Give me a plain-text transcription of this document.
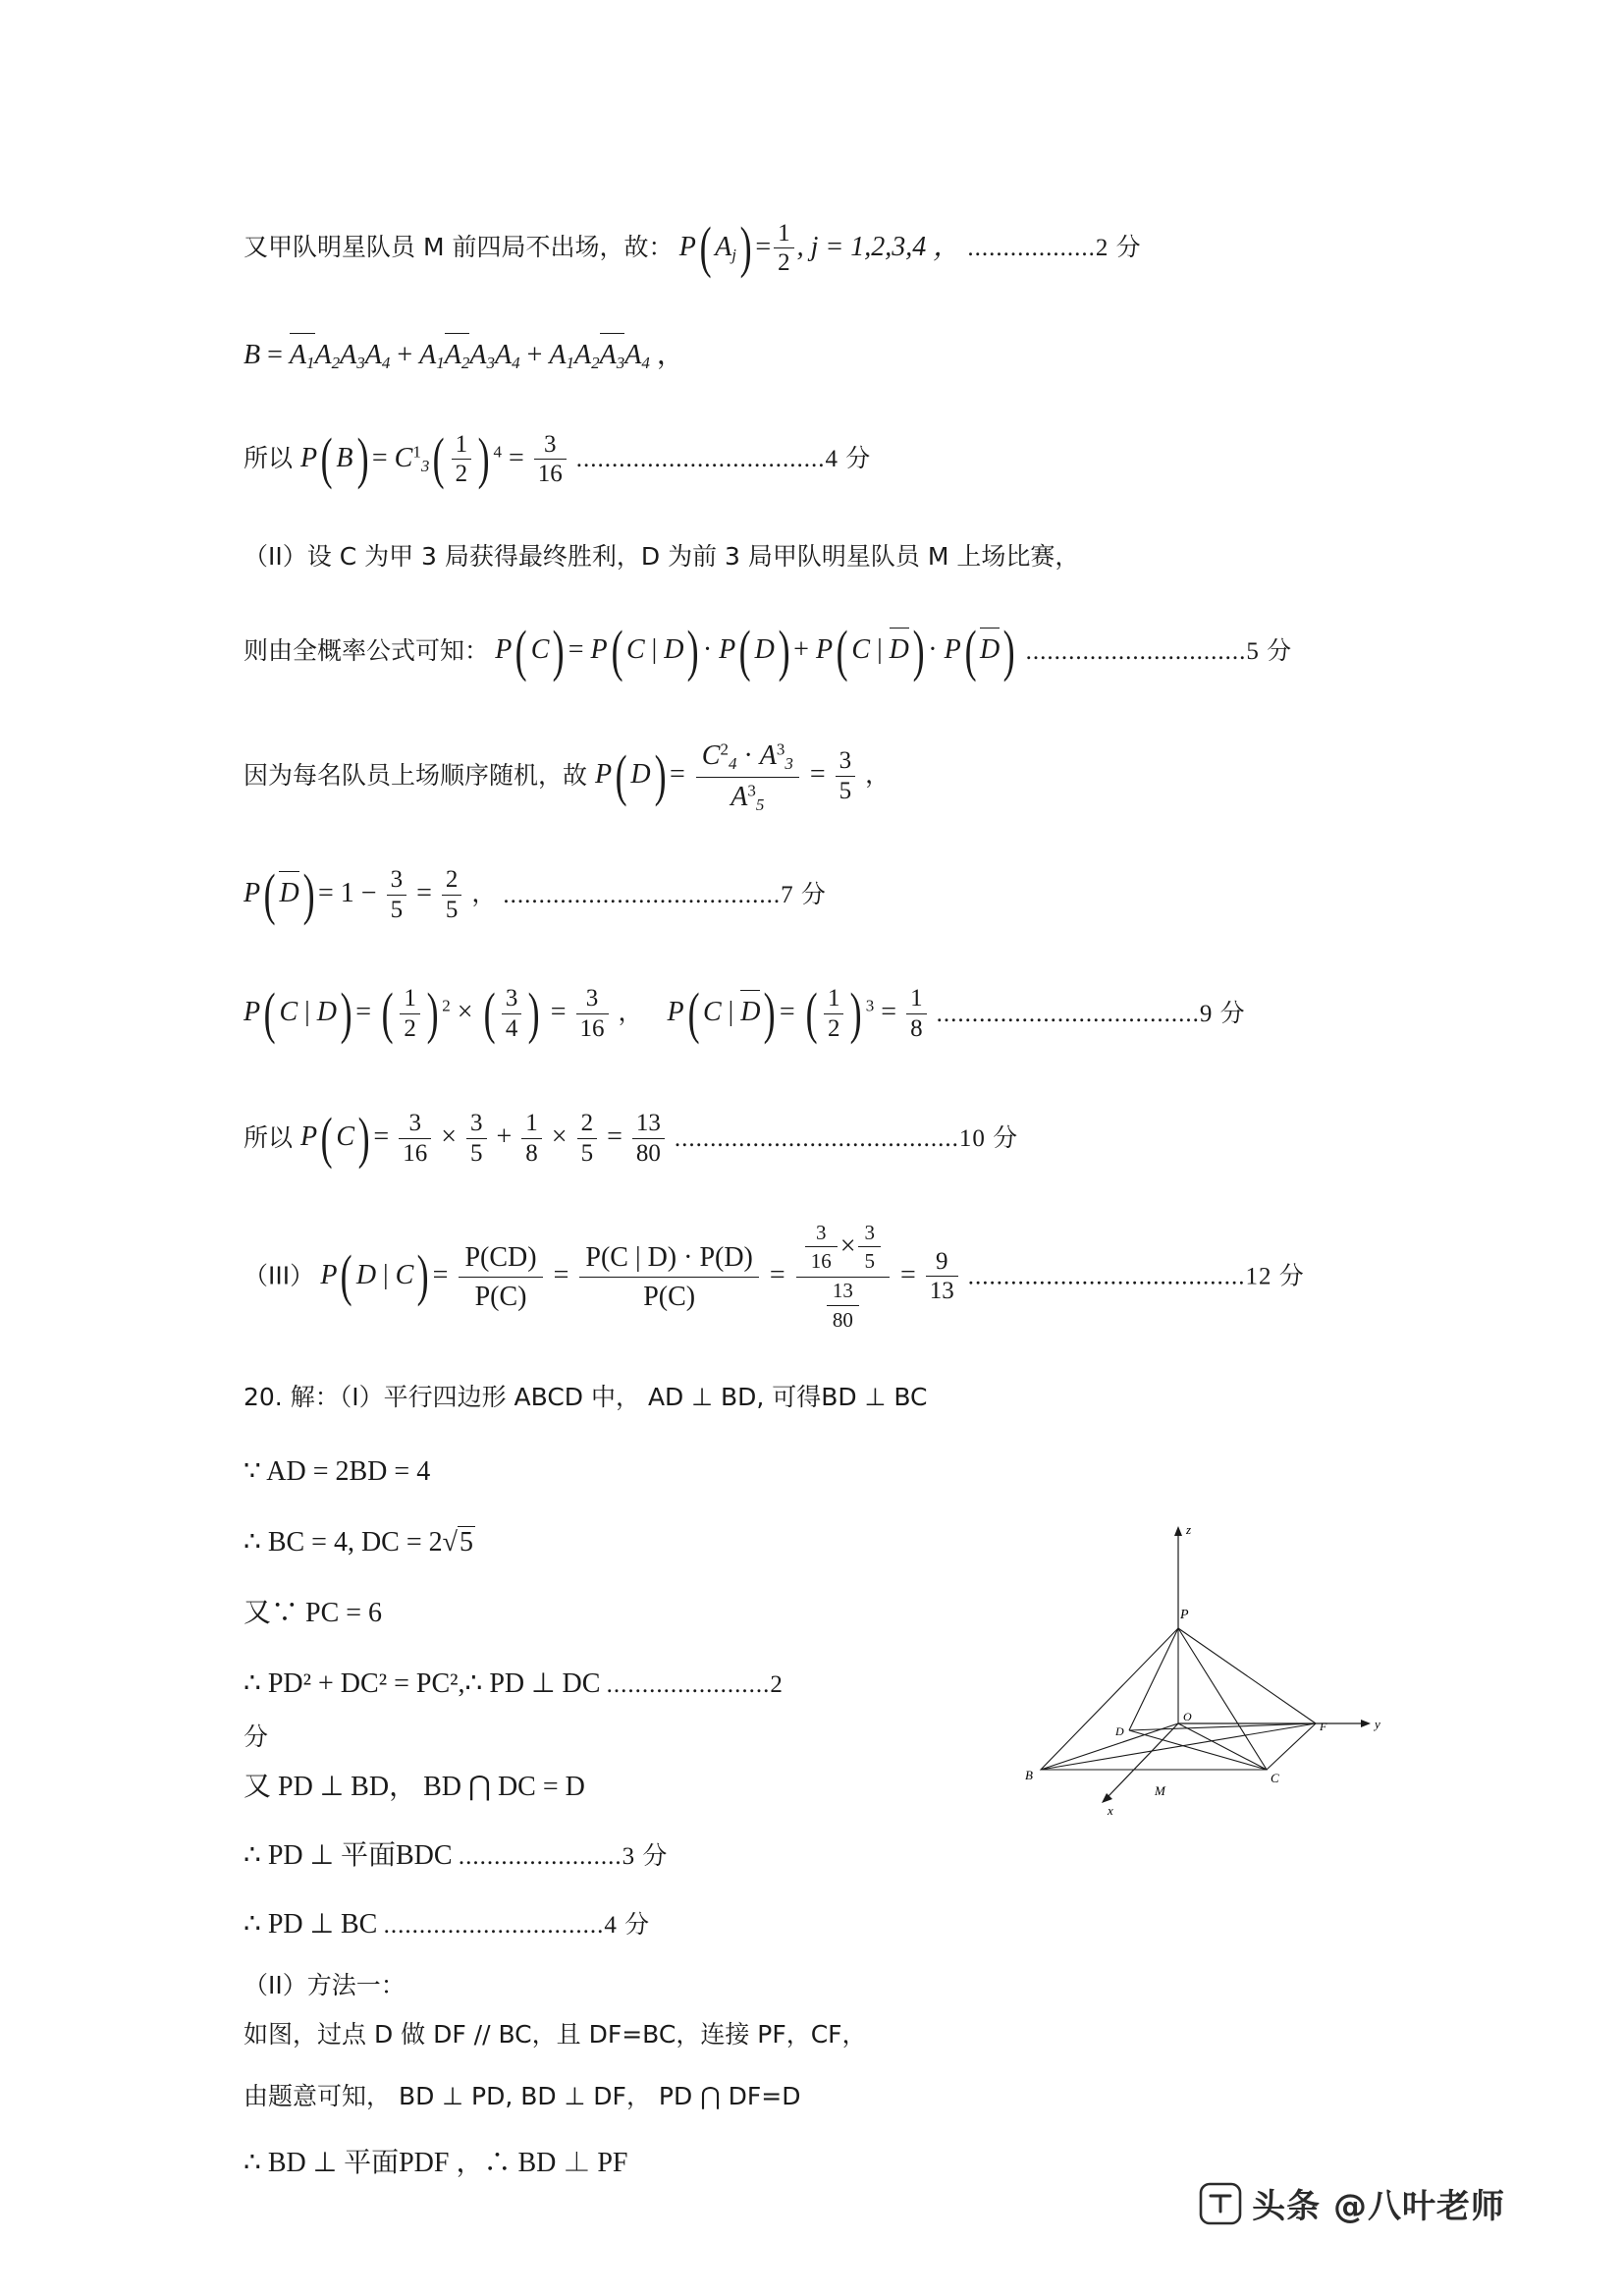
又甲队明星队员 M 前四局不出场，故： P( $A_j) = \frac{1}{2}$ , j = 1,2,3,4 ， ..................2 分
$B = A_1A_2A_3A_4 + A_1A_2A_3A_4 + A_1A_2A_3A_4$ ，
所以 P( $B) = C^1_3( \frac{1}{2}$ ) $^4 = \frac{3}{16} ...................................4$ 分
（II）设 C 为甲 3 局获得最终胜利，D 为前 3 局甲队明星队员 M 上场比赛，
则由全概率公式可知： P( C) = P( C | D) · P( D) + P( C | D) · P( D) ...............................5 分
因为每名队员上场顺序随机，故 P( $D) = \frac{C^2_4 \cdot A^3_3}{A^3_5} = \frac{3}{5}$ ，
P( $D) = 1 - \frac{3}{5} = \frac{2}{5}$ ， .......................................7 分
P( C | D) = ( $\frac{1}{2}$ ) $^2$ × ( $\frac{3}{4}$ ) = $\frac{3}{16}$ ， P( C | D) = ( $\frac{1}{2}$ ) $^3 = \frac{1}{8} .....................................9$ 分
所以 P( $C) = \frac{3}{16} \times \frac{3}{5} + \frac{1}{8} \times \frac{2}{5} = \frac{13}{80} ........................................10$ 分
（III） P( D | $C) = \frac{P(CD)}{P(C)} = \frac{P(C | D) \cdot P(D)}{P(C)} = \frac{\frac{3}{16} \times \frac{3}{5}}{\frac{13}{80}} = \frac{9}{13} .......................................12$ 分
20. 解：（I）平行四边形 ABCD 中， AD ⊥ BD, 可得BD ⊥ BC
∵ AD = 2BD = 4
∴ BC = 4, DC = 2√5
又∵ PC = 6
∴ PD² + DC² = PC²,∴ PD ⊥ DC .......................2
分
又 PD ⊥ BD， BD ⋂ DC = D
∴ PD ⊥ 平面BDC .......................3 分
∴ PD ⊥ BC ...............................4 分
（II）方法一：
如图，过点 D 做 DF // BC，且 DF=BC，连接 PF，CF，
由题意可知， BD ⊥ PD, BD ⊥ DF， PD ⋂ DF=D
∴ BD ⊥ 平面PDF ，∴ BD ⊥ PF
z
y
x
P
O
D	F
B
M
C
头条 @八叶老师
